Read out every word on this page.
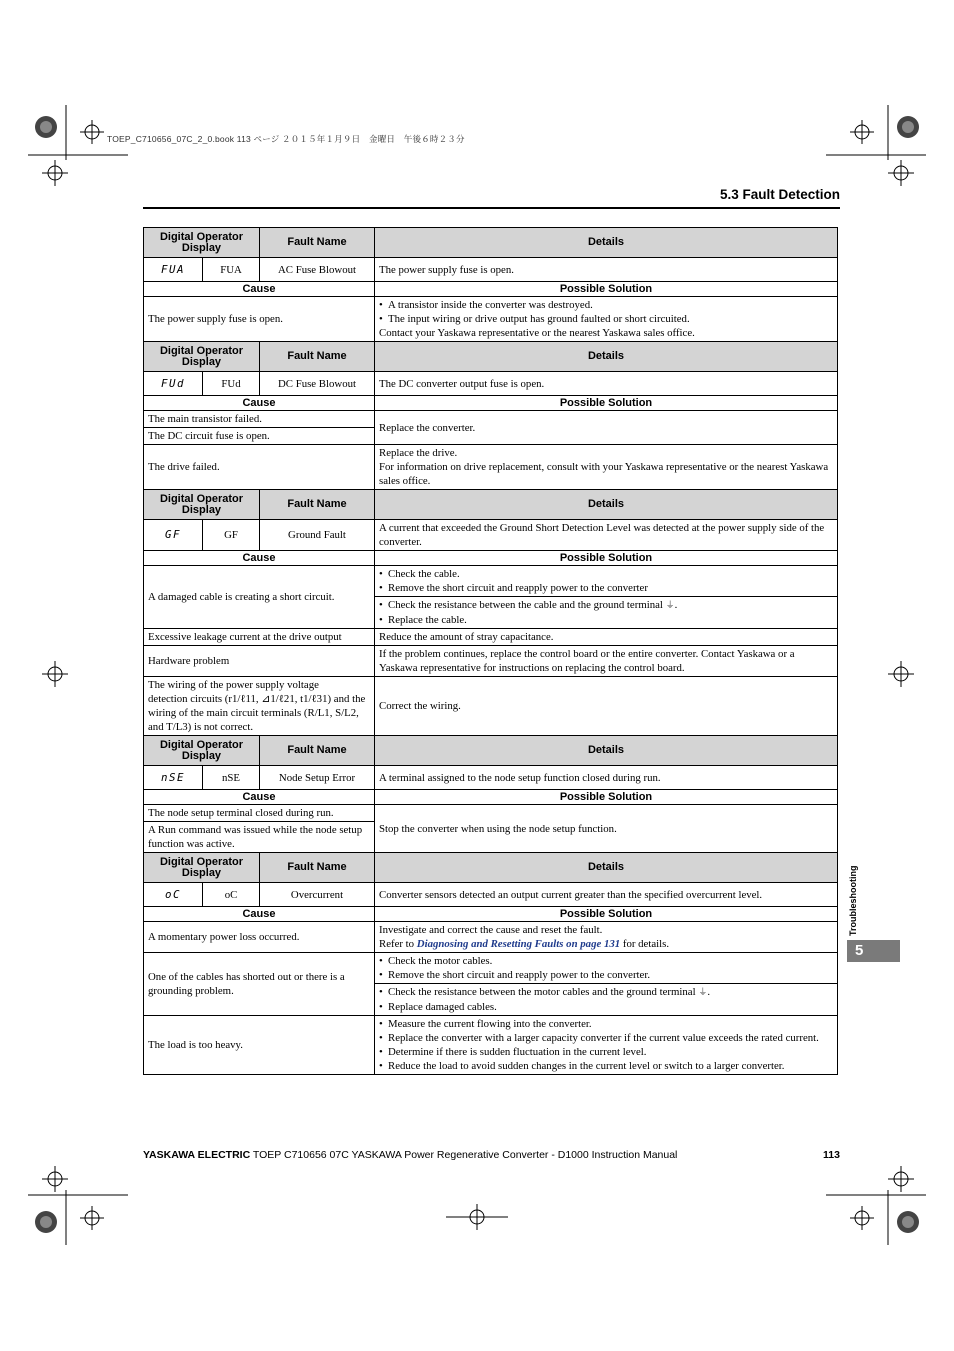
TOEP_C710656_07C_2_0.book 113 ページ ２０１５年１月９日　金曜日　午後６時２３分
5.3 Fault Detection
Digital Operator Display		Fault Name	Details
FUA	FUA	AC Fuse Blowout	The power supply fuse is open.
Cause			Possible Solution
The power supply fuse is open.			• A transistor inside the converter was destroyed.
• The input wiring or drive output has ground faulted or short circuited.
Contact your Yaskawa representative or the nearest Yaskawa sales office.

Digital Operator Display		Fault Name	Details
FUd	FUd	DC Fuse Blowout	The DC converter output fuse is open.
Cause			Possible Solution
The main transistor failed.			Replace the converter.
The DC circuit fuse is open.			
The drive failed.			Replace the drive.
For information on drive replacement, consult with your Yaskawa representative or the nearest Yaskawa sales office.

Digital Operator Display		Fault Name	Details
GF	GF	Ground Fault	A current that exceeded the Ground Short Detection Level was detected at the power supply side of the converter.
Cause			Possible Solution
A damaged cable is creating a short circuit.			• Check the cable.
• Remove the short circuit and reapply power to the converter

			• Check the resistance between the cable and the ground terminal ⏚.
• Replace the cable.

Excessive leakage current at the drive output			Reduce the amount of stray capacitance.
Hardware problem			If the problem continues, replace the control board or the entire converter. Contact Yaskawa or a Yaskawa representative for instructions on replacing the control board.

The wiring of the power supply voltage
detection circuits (r1/ℓ11, ⊿1/ℓ21, t1/ℓ31) and the wiring of the main circuit terminals (R/L1, S/L2, and T/L3) is not correct.			Correct the wiring.
Digital Operator Display		Fault Name	Details
nSE	nSE	Node Setup Error	A terminal assigned to the node setup function closed during run.
Cause			Possible Solution
The node setup terminal closed during run.			Stop the converter when using the node setup function.
A Run command was issued while the node setup function was active.			
Digital Operator Display		Fault Name	Details
oC	oC	Overcurrent	Converter sensors detected an output current greater than the specified overcurrent level.
Cause			Possible Solution
A momentary power loss occurred.			Investigate and correct the cause and reset the fault.
Refer to Diagnosing and Resetting Faults on page 131 for details.

One of the cables has shorted out or there is a grounding problem.			• Check the motor cables.
• Remove the short circuit and reapply power to the converter.

			• Check the resistance between the motor cables and the ground terminal ⏚.
• Replace damaged cables.

The load is too heavy.			• Measure the current flowing into the converter.
• Replace the converter with a larger capacity converter if the current value exceeds the rated current.
• Determine if there is sudden fluctuation in the current level.
• Reduce the load to avoid sudden changes in the current level or switch to a larger converter.
Troubleshooting
5
YASKAWA ELECTRIC TOEP C710656 07C YASKAWA Power Regenerative Converter - D1000 Instruction Manual	113
